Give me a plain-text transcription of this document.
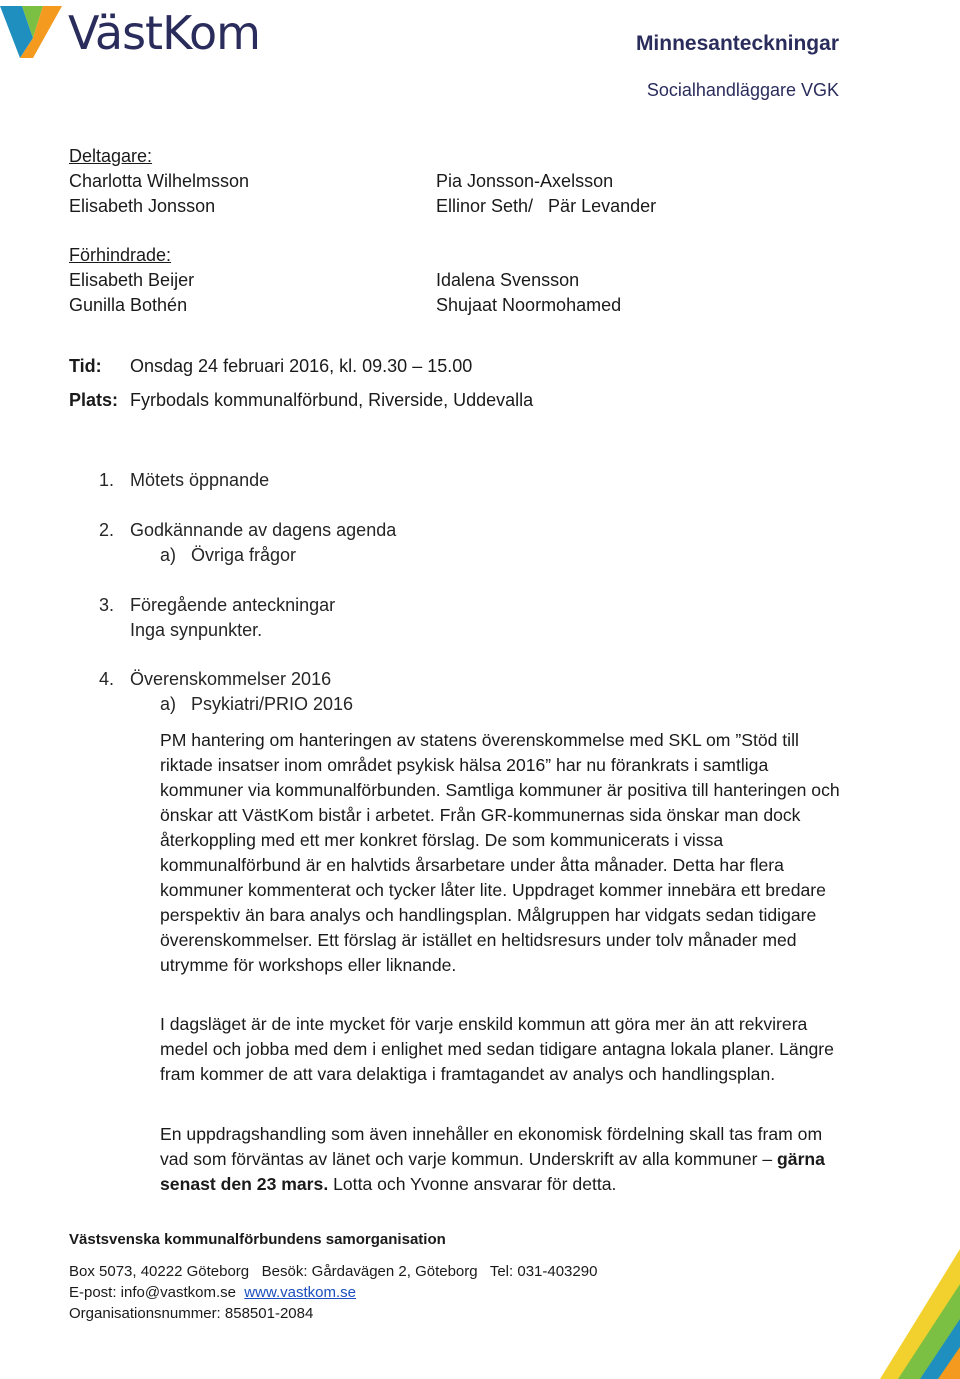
VästKom	Minnesanteckningar
Socialhandläggare VGK
Deltagare:
Charlotta Wilhelmsson
Elisabeth Jonsson
Pia Jonsson-Axelsson
Ellinor Seth/   Pär Levander
Förhindrade:
Elisabeth Beijer
Gunilla Bothén
Idalena Svensson
Shujaat Noormohamed
Tid: Onsdag 24 februari 2016, kl. 09.30 – 15.00
Plats: Fyrbodals kommunalförbund, Riverside, Uddevalla
1. Mötets öppnande
2. Godkännande av dagens agenda
a) Övriga frågor
3. Föregående anteckningar
Inga synpunkter.
4. Överenskommelser 2016
a) Psykiatri/PRIO 2016

PM hantering om hanteringen av statens överenskommelse med SKL om ”Stöd till riktade insatser inom området psykisk hälsa 2016” har nu förankrats i samtliga kommuner via kommunalförbunden. Samtliga kommuner är positiva till hanteringen och önskar att VästKom bistår i arbetet. Från GR-kommunernas sida önskar man dock återkoppling med ett mer konkret förslag. De som kommunicerats i vissa kommunalförbund är en halvtids årsarbetare under åtta månader. Detta har flera kommuner kommenterat och tycker låter lite. Uppdraget kommer innebära ett bredare perspektiv än bara analys och handlingsplan. Målgruppen har vidgats sedan tidigare överenskommelser. Ett förslag är istället en heltidsresurs under tolv månader med utrymme för workshops eller liknande.

I dagsläget är de inte mycket för varje enskild kommun att göra mer än att rekvirera medel och jobba med dem i enlighet med sedan tidigare antagna lokala planer. Längre fram kommer de att vara delaktiga i framtagandet av analys och handlingsplan.

En uppdragshandling som även innehåller en ekonomisk fördelning skall tas fram om vad som förväntas av länet och varje kommun. Underskrift av alla kommuner – gärna senast den 23 mars. Lotta och Yvonne ansvarar för detta.

Västsvenska kommunalförbundens samorganisation
Box 5073, 40222 Göteborg   Besök: Gårdavägen 2, Göteborg   Tel: 031-403290
E-post: info@vastkom.se  www.vastkom.se
Organisationsnummer: 858501-2084
